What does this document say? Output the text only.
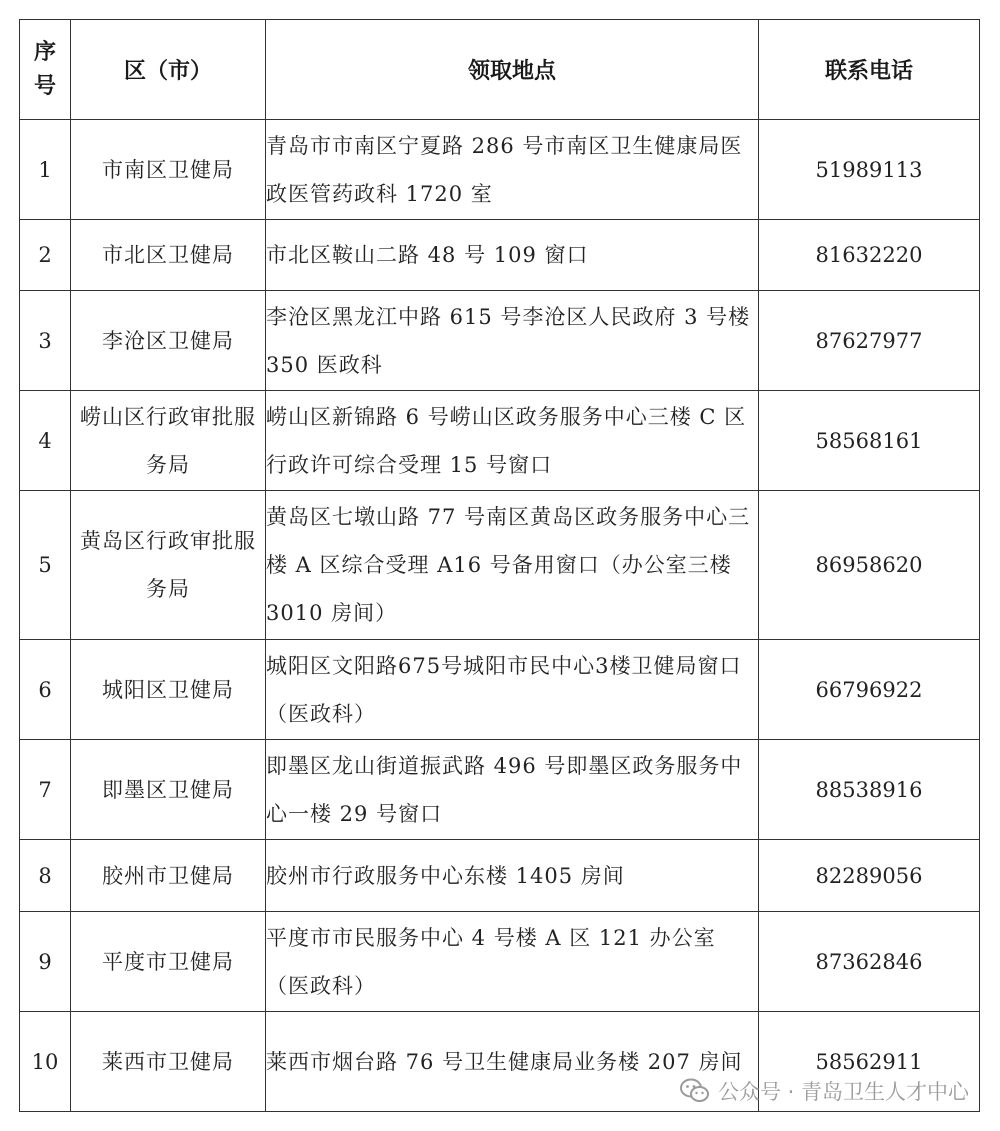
序号	区（市）	领取地点	联系电话
1	市南区卫健局	青岛市市南区宁夏路 286 号市南区卫生健康局医政医管药政科 1720 室	51989113
2	市北区卫健局	市北区鞍山二路 48 号 109 窗口	81632220
3	李沧区卫健局	李沧区黑龙江中路 615 号李沧区人民政府 3 号楼 350 医政科	87627977
4	崂山区行政审批服务局	崂山区新锦路 6 号崂山区政务服务中心三楼 C 区行政许可综合受理 15 号窗口	58568161
5	黄岛区行政审批服务局	黄岛区七墩山路 77 号南区黄岛区政务服务中心三楼 A 区综合受理 A16 号备用窗口（办公室三楼 3010 房间）	86958620
6	城阳区卫健局	城阳区文阳路675号城阳市民中心3楼卫健局窗口（医政科）	66796922
7	即墨区卫健局	即墨区龙山街道振武路 496 号即墨区政务服务中心一楼 29 号窗口	88538916
8	胶州市卫健局	胶州市行政服务中心东楼 1405 房间	82289056
9	平度市卫健局	平度市市民服务中心 4 号楼 A 区 121 办公室（医政科）	87362846
10	莱西市卫健局	莱西市烟台路 76 号卫生健康局业务楼 207 房间	58562911
公众号 · 青岛卫生人才中心
